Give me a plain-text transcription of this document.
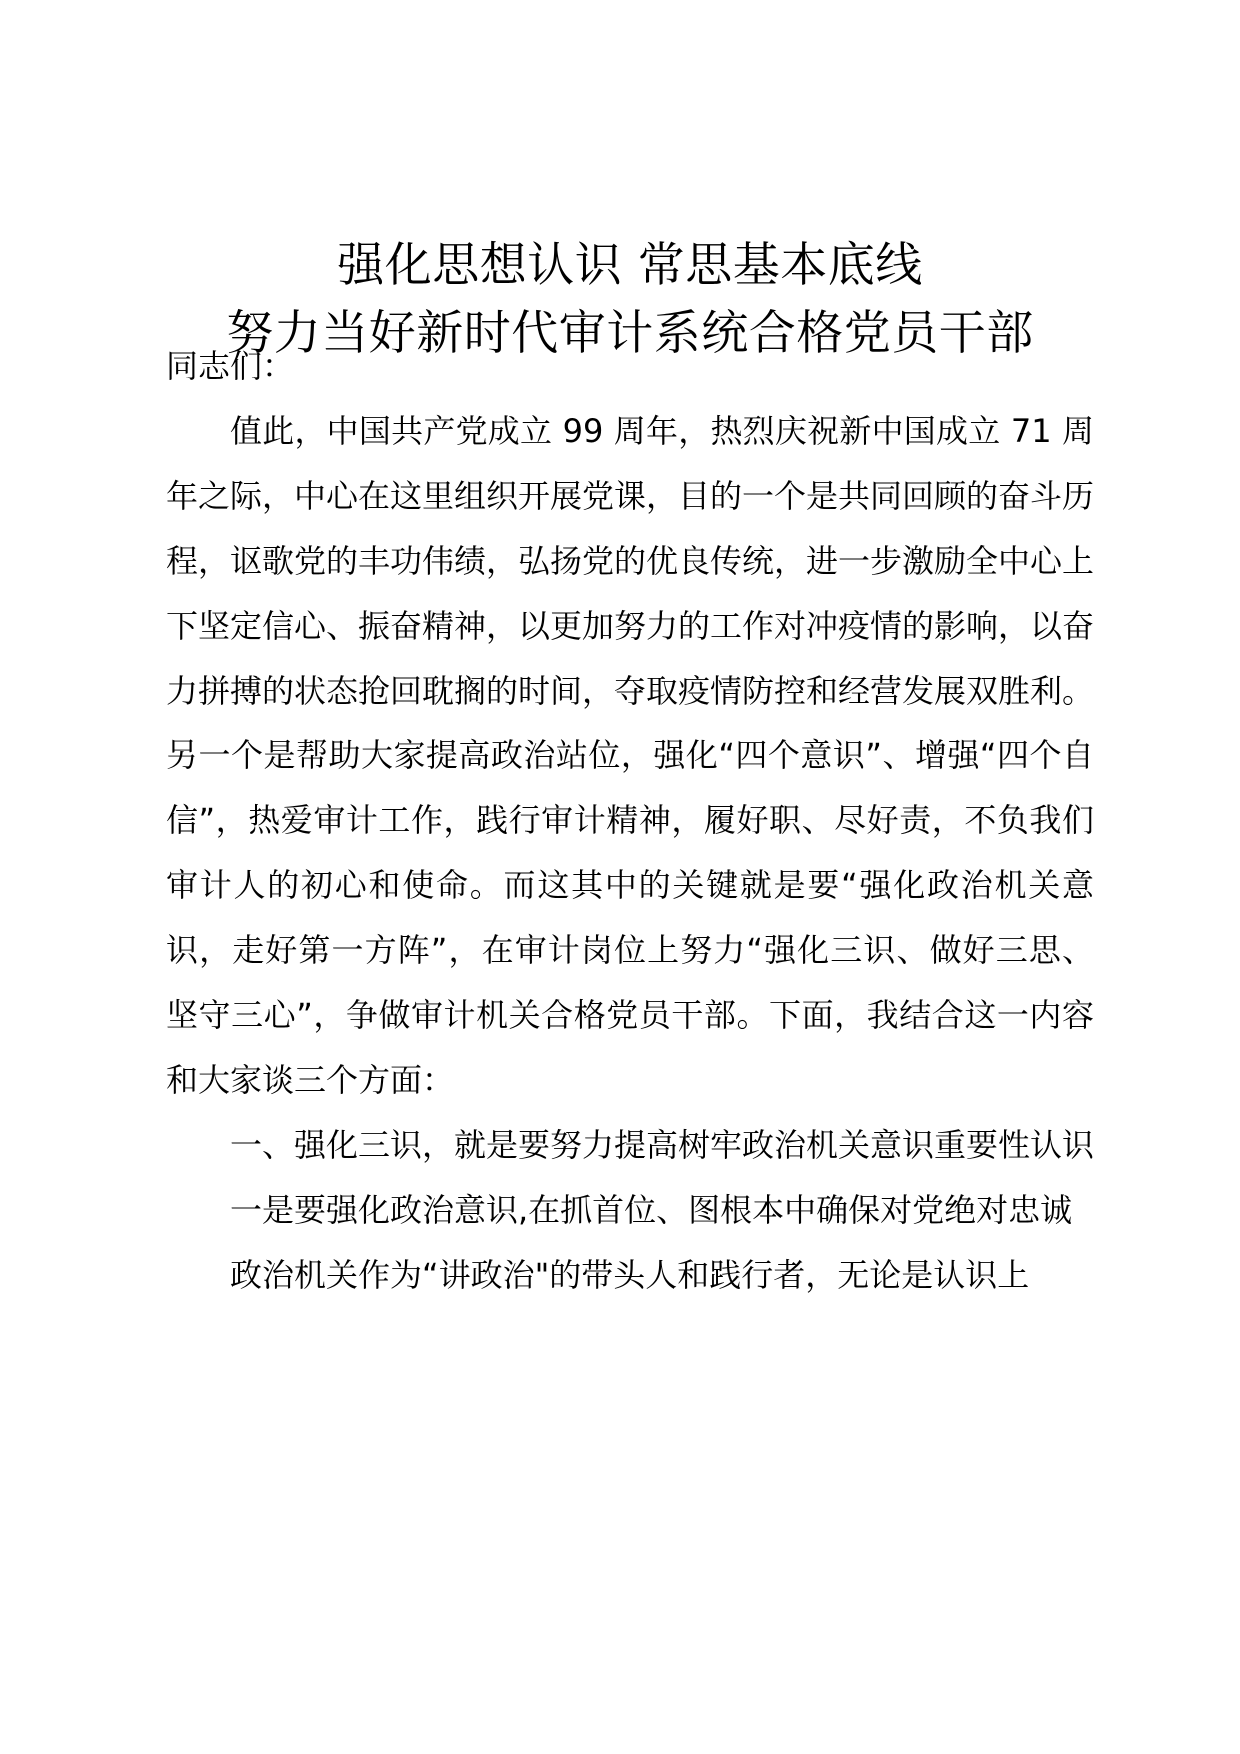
强化思想认识 常思基本底线
努力当好新时代审计系统合格党员干部

同志们：

值此，中国共产党成立 99 周年，热烈庆祝新中国成立 71 周年之际，中心在这里组织开展党课，目的一个是共同回顾的奋斗历程，讴歌党的丰功伟绩，弘扬党的优良传统，进一步激励全中心上下坚定信心、振奋精神，以更加努力的工作对冲疫情的影响，以奋力拼搏的状态抢回耽搁的时间，夺取疫情防控和经营发展双胜利。另一个是帮助大家提高政治站位，强化“四个意识”、增强“四个自信”，热爱审计工作，践行审计精神，履好职、尽好责，不负我们审计人的初心和使命。而这其中的关键就是要“强化政治机关意识，走好第一方阵”，在审计岗位上努力“强化三识、做好三思、坚守三心”，争做审计机关合格党员干部。下面，我结合这一内容和大家谈三个方面：

一、强化三识，就是要努力提高树牢政治机关意识重要性认识

一是要强化政治意识,在抓首位、图根本中确保对党绝对忠诚

政治机关作为“讲政治"的带头人和践行者，无论是认识上
